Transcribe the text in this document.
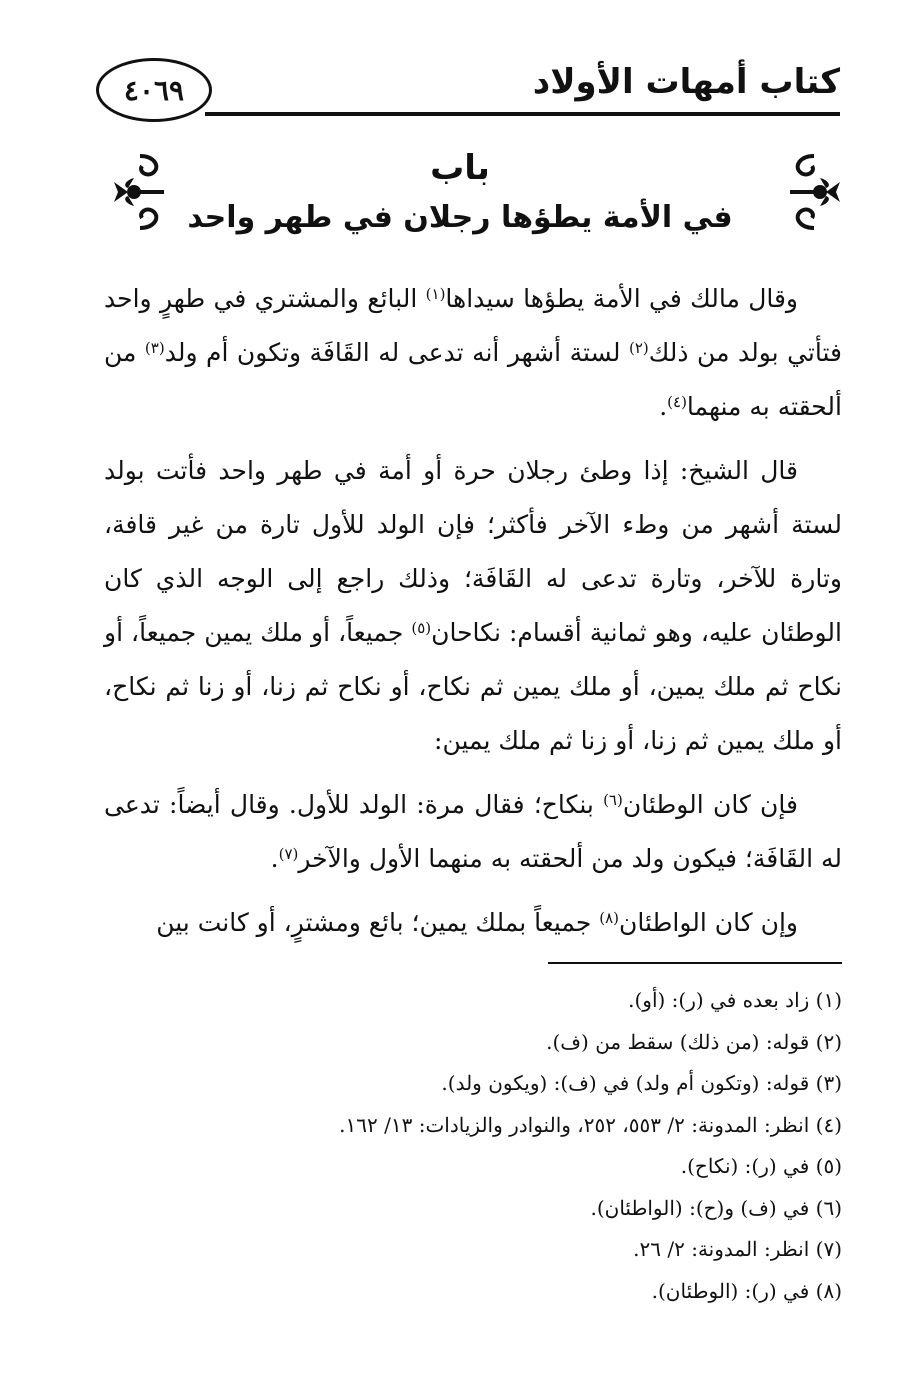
كتاب أمهات الأولاد
٤٠٦٩
باب
في الأمة يطؤها رجلان في طهر واحد

وقال مالك في الأمة يطؤها سيداها$^{(١)}$ البائع والمشتري في طهرٍ واحد فتأتي بولد من ذلك$^{(٢)}$ لستة أشهر أنه تدعى له القَافَة وتكون أم ولد$^{(٣)}$ من ألحقته به منهما$^{(٤)}$.

قال الشيخ: إذا وطئ رجلان حرة أو أمة في طهر واحد فأتت بولد لستة أشهر من وطء الآخر فأكثر؛ فإن الولد للأول تارة من غير قافة، وتارة للآخر، وتارة تدعى له القَافَة؛ وذلك راجع إلى الوجه الذي كان الوطئان عليه، وهو ثمانية أقسام: نكاحان$^{(٥)}$ جميعاً، أو ملك يمين جميعاً، أو نكاح ثم ملك يمين، أو ملك يمين ثم نكاح، أو نكاح ثم زنا، أو زنا ثم نكاح، أو ملك يمين ثم زنا، أو زنا ثم ملك يمين:

فإن كان الوطئان$^{(٦)}$ بنكاح؛ فقال مرة: الولد للأول. وقال أيضاً: تدعى له القَافَة؛ فيكون ولد من ألحقته به منهما الأول والآخر$^{(٧)}$.

وإن كان الواطئان$^{(٨)}$ جميعاً بملك يمين؛ بائع ومشترٍ، أو كانت بين

(١) زاد بعده في (ر): (أو).
(٢) قوله: (من ذلك) سقط من (ف).
(٣) قوله: (وتكون أم ولد) في (ف): (ويكون ولد).
(٤) انظر: المدونة: ٢/ ٥٥٣، ٢٥٢، والنوادر والزيادات: ١٣/ ١٦٢.
(٥) في (ر): (نكاح).
(٦) في (ف) و(ح): (الواطئان).
(٧) انظر: المدونة: ٢/ ٢٦.
(٨) في (ر): (الوطئان).
